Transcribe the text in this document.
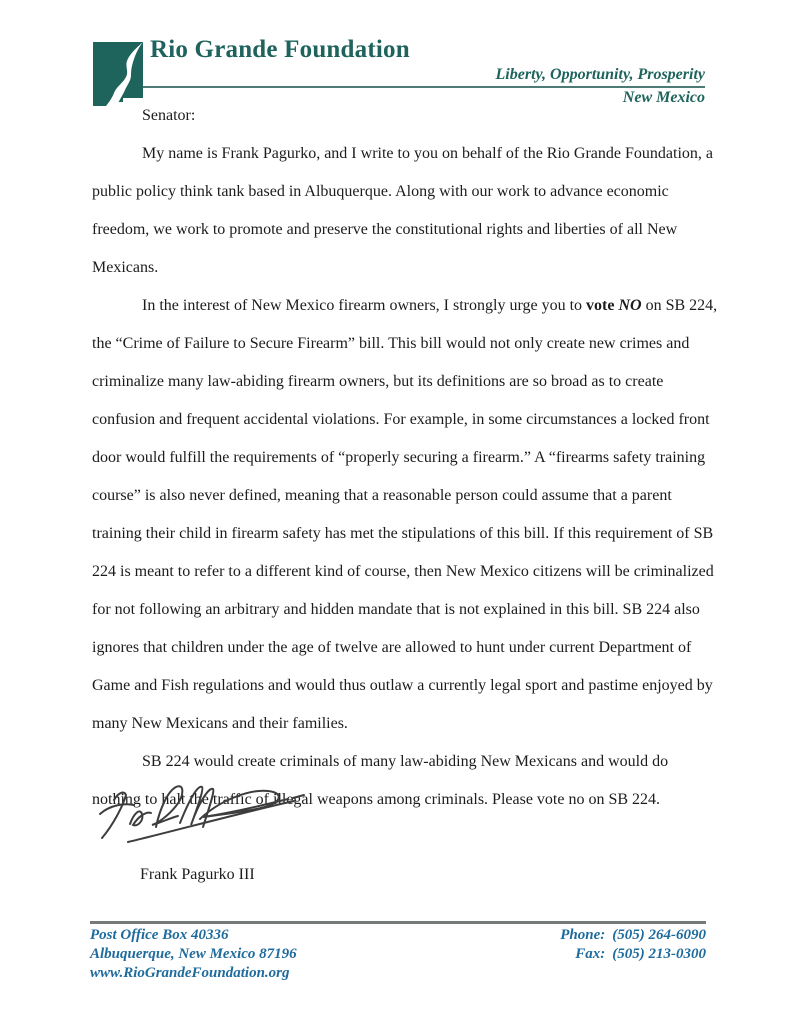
Rio Grande Foundation
Liberty, Opportunity, Prosperity
New Mexico
Senator:
My name is Frank Pagurko, and I write to you on behalf of the Rio Grande Foundation, a
public policy think tank based in Albuquerque. Along with our work to advance economic
freedom, we work to promote and preserve the constitutional rights and liberties of all New
Mexicans.
In the interest of New Mexico firearm owners, I strongly urge you to vote NO on SB 224,
the “Crime of Failure to Secure Firearm” bill. This bill would not only create new crimes and
criminalize many law-abiding firearm owners, but its definitions are so broad as to create
confusion and frequent accidental violations. For example, in some circumstances a locked front
door would fulfill the requirements of “properly securing a firearm.” A “firearms safety training
course” is also never defined, meaning that a reasonable person could assume that a parent
training their child in firearm safety has met the stipulations of this bill. If this requirement of SB
224 is meant to refer to a different kind of course, then New Mexico citizens will be criminalized
for not following an arbitrary and hidden mandate that is not explained in this bill. SB 224 also
ignores that children under the age of twelve are allowed to hunt under current Department of
Game and Fish regulations and would thus outlaw a currently legal sport and pastime enjoyed by
many New Mexicans and their families.
SB 224 would create criminals of many law-abiding New Mexicans and would do
nothing to halt the traffic of illegal weapons among criminals. Please vote no on SB 224.
Frank Pagurko III
Post Office Box 40336
Albuquerque, New Mexico 87196
www.RioGrandeFoundation.org
Phone: (505) 264-6090
Fax: (505) 213-0300
